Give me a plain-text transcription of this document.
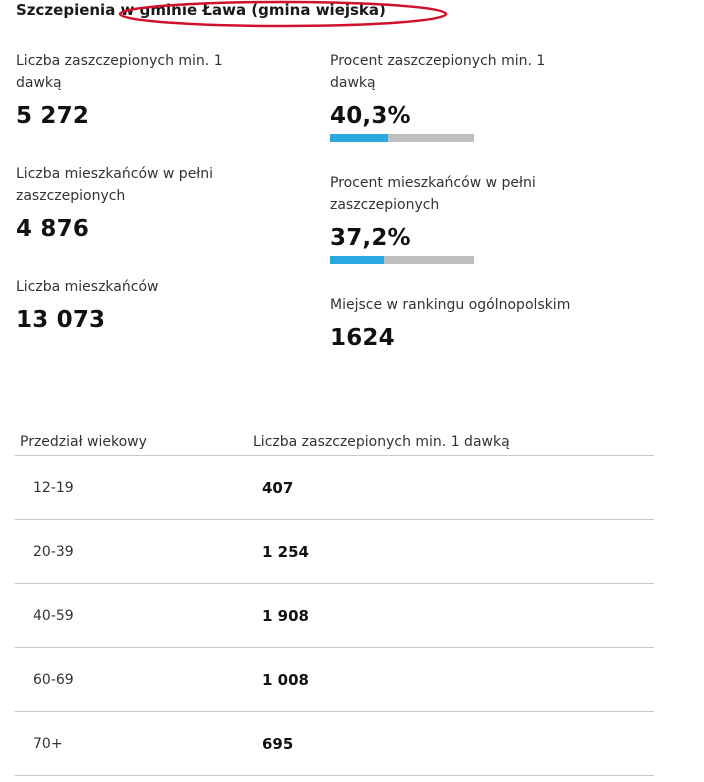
Szczepienia w gminie Ława (gmina wiejska)
Liczba zaszczepionych min. 1 dawką
5 272
Procent zaszczepionych min. 1 dawką
40,3%
Liczba mieszkańców w pełni zaszczepionych
4 876
Procent mieszkańców w pełni zaszczepionych
37,2%
Liczba mieszkańców
13 073
Miejsce w rankingu ogólnopolskim
1624
Przedział wiekowy	Liczba zaszczepionych min. 1 dawką
12-19	407
20-39	1 254
40-59	1 908
60-69	1 008
70+	695
